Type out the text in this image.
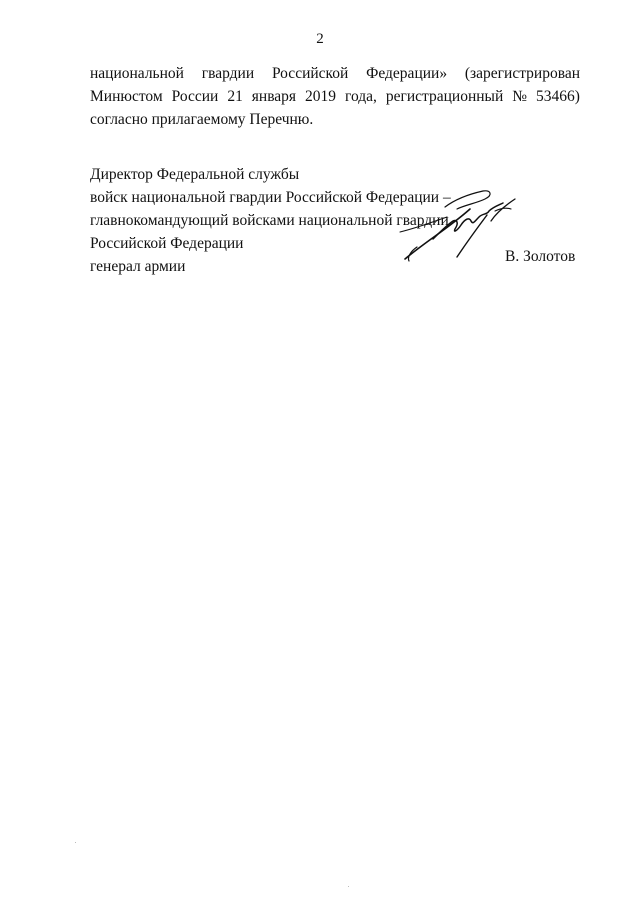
2
национальной гвардии Российской Федерации» (зарегистрирован
Минюстом России 21 января 2019 года, регистрационный № 53466)
согласно прилагаемому Перечню.
Директор Федеральной службы
войск национальной гвардии Российской Федерации –
главнокомандующий войсками национальной гвардии
Российской Федерации
генерал армии
В. Золотов
